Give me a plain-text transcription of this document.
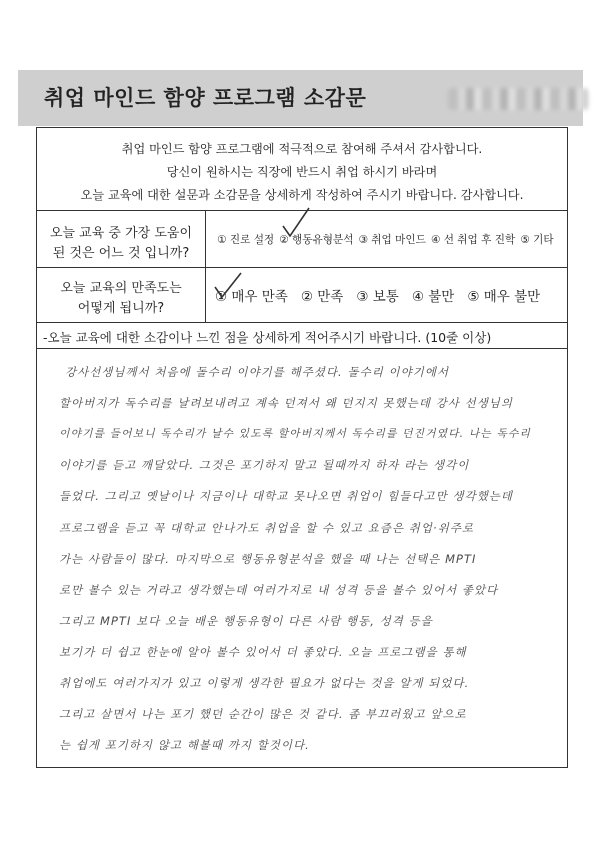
취업 마인드 함양 프로그램 소감문
취업 마인드 함양 프로그램에 적극적으로 참여해 주셔서 감사합니다.
당신이 원하시는 직장에 반드시 취업 하시기 바라며
오늘 교육에 대한 설문과 소감문을 상세하게 작성하여 주시기 바랍니다. 감사합니다.
오늘 교육 중 가장 도움이
된 것은 어느 것 입니까?
① 진로 설정 ② 행동유형분석 ③ 취업 마인드 ④ 선 취업 후 진학 ⑤ 기타
오늘 교육의 만족도는
어떻게 됩니까?
① 매우 만족 ② 만족 ③ 보통 ④ 불만 ⑤ 매우 불만
-오늘 교육에 대한 소감이나 느낀 점을 상세하게 적어주시기 바랍니다. (10줄 이상)
강사선생님께서 처음에 돌수리 이야기를 해주셨다. 돌수리 이야기에서
할아버지가 독수리를 날려보내려고 계속 던져서 왜 던지지 못했는데 강사 선생님의
이야기를 들어보니 독수리가 날수 있도록 할아버지께서 독수리를 던진거였다. 나는 독수리
이야기를 듣고 깨달았다. 그것은 포기하지 말고 될때까지 하자 라는 생각이
들었다. 그리고 옛날이나 지금이나 대학교 못나오면 취업이 힘들다고만 생각했는데
프로그램을 듣고 꼭 대학교 안나가도 취업을 할 수 있고 요즘은 취업·위주로
가는 사람들이 많다. 마지막으로 행동유형분석을 했을 때 나는 선택은 MPTI
로만 볼수 있는 거라고 생각했는데 여러가지로 내 성격 등을 볼수 있어서 좋았다
그리고 MPTI 보다 오늘 배운 행동유형이 다른 사람 행동, 성격 등을
보기가 더 쉽고 한눈에 알아 볼수 있어서 더 좋았다. 오늘 프로그램을 통해
취업에도 여러가지가 있고 이렇게 생각한 필요가 없다는 것을 알게 되었다.
그리고 살면서 나는 포기 했던 순간이 많은 것 같다. 좀 부끄러웠고 앞으로
는 쉽게 포기하지 않고 해볼때 까지 할것이다.
